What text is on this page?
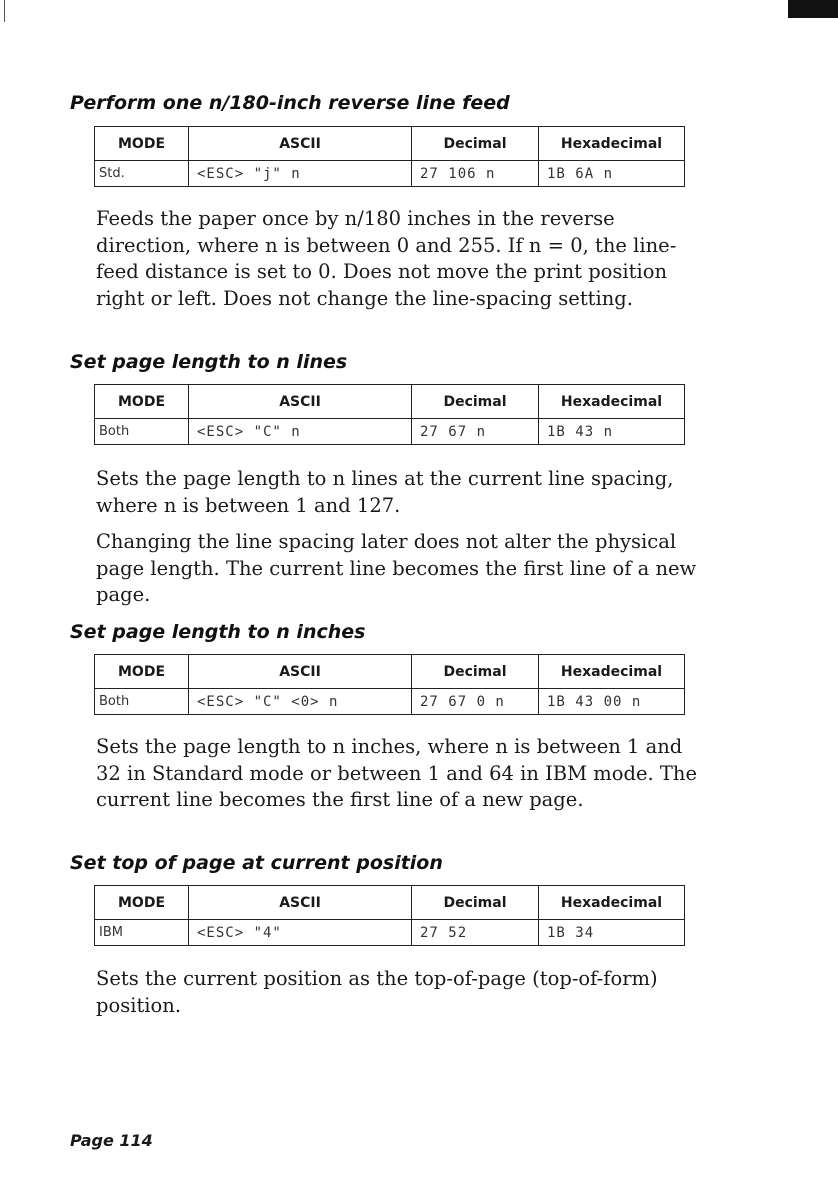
Perform one n/180-inch reverse line feed
MODE	ASCII	Decimal	Hexadecimal
Std.	<ESC> "j" n	27 106 n	1B 6A n

Feeds the paper once by n/180 inches in the reverse direction, where n is between 0 and 255. If n = 0, the line-feed distance is set to 0. Does not move the print position right or left. Does not change the line-spacing setting.

Set page length to n lines
MODE	ASCII	Decimal	Hexadecimal
Both	<ESC> "C" n	27 67 n	1B 43 n

Sets the page length to n lines at the current line spacing, where n is between 1 and 127.

Changing the line spacing later does not alter the physical page length. The current line becomes the first line of a new page.

Set page length to n inches
MODE	ASCII	Decimal	Hexadecimal
Both	<ESC> "C" <0> n	27 67 0 n	1B 43 00 n

Sets the page length to n inches, where n is between 1 and 32 in Standard mode or between 1 and 64 in IBM mode. The current line becomes the first line of a new page.

Set top of page at current position
MODE	ASCII	Decimal	Hexadecimal
IBM	<ESC> "4"	27 52	1B 34

Sets the current position as the top-of-page (top-of-form) position.

Page 114
